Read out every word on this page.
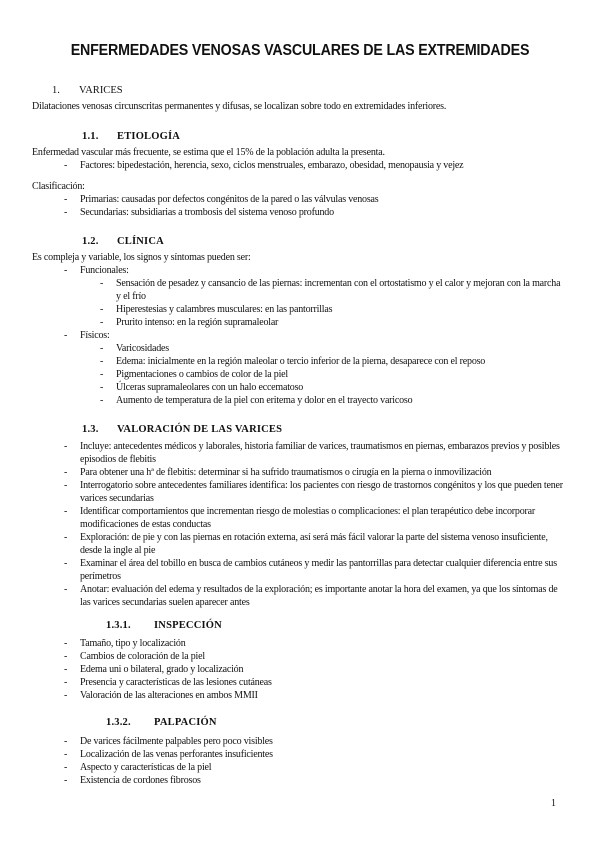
ENFERMEDADES VENOSAS VASCULARES DE LAS EXTREMIDADES
1. VARICES
Dilataciones venosas circunscritas permanentes y difusas, se localizan sobre todo en extremidades inferiores.
1.1. ETIOLOGÍA
Enfermedad vascular más frecuente, se estima que el 15% de la población adulta la presenta.
- Factores: bipedestación, herencia, sexo, ciclos menstruales, embarazo, obesidad, menopausia y vejez
Clasificación:
- Primarias: causadas por defectos congénitos de la pared o las válvulas venosas
- Secundarias: subsidiarias a trombosis del sistema venoso profundo
1.2. CLÍNICA
Es compleja y variable, los signos y síntomas pueden ser:
- Funcionales:
- Sensación de pesadez y cansancio de las piernas: incrementan con el ortostatismo y el calor y mejoran con la marcha y el frío
- Hiperestesias y calambres musculares: en las pantorrillas
- Prurito intenso: en la región supramaleolar
- Físicos:
- Varicosidades
- Edema: inicialmente en la región maleolar o tercio inferior de la pierna, desaparece con el reposo
- Pigmentaciones o cambios de color de la piel
- Úlceras supramaleolares con un halo eccematoso
- Aumento de temperatura de la piel con eritema y dolor en el trayecto varicoso
1.3. VALORACIÓN DE LAS VARICES
- Incluye: antecedentes médicos y laborales, historia familiar de varices, traumatismos en piernas, embarazos previos y posibles episodios de flebitis
- Para obtener una hª de flebitis: determinar si ha sufrido traumatismos o cirugía en la pierna o inmovilización
- Interrogatorio sobre antecedentes familiares identifica: los pacientes con riesgo de trastornos congénitos y los que pueden tener varices secundarias
- Identificar comportamientos que incrementan riesgo de molestias o complicaciones: el plan terapéutico debe incorporar modificaciones de estas conductas
- Exploración: de pie y con las piernas en rotación externa, así será más fácil valorar la parte del sistema venoso insuficiente, desde la ingle al pie
- Examinar el área del tobillo en busca de cambios cutáneos y medir las pantorrillas para detectar cualquier diferencia entre sus perímetros
- Anotar: evaluación del edema y resultados de la exploración; es importante anotar la hora del examen, ya que los síntomas de las varices secundarias suelen aparecer antes
1.3.1. INSPECCIÓN
- Tamaño, tipo y localización
- Cambios de coloración de la piel
- Edema uni o bilateral, grado y localización
- Presencia y características de las lesiones cutáneas
- Valoración de las alteraciones en ambos MMII
1.3.2. PALPACIÓN
- De varices fácilmente palpables pero poco visibles
- Localización de las venas perforantes insuficientes
- Aspecto y características de la piel
- Existencia de cordones fibrosos
1
